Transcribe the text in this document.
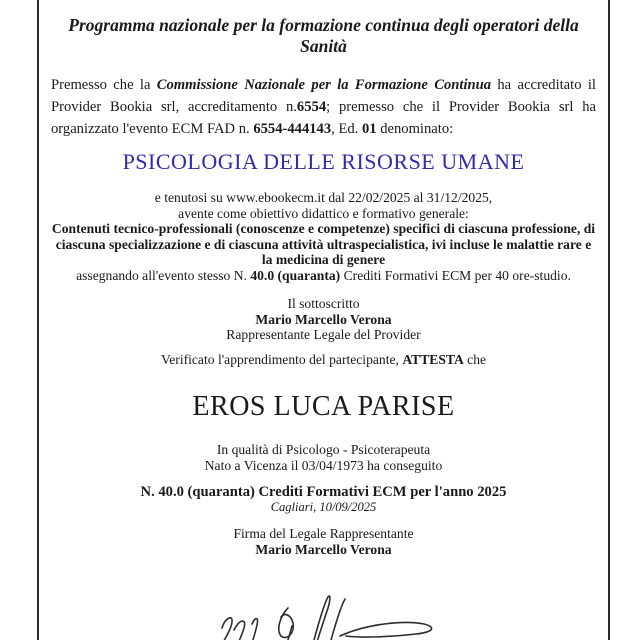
Programma nazionale per la formazione continua degli operatori della Sanità

Premesso che la Commissione Nazionale per la Formazione Continua ha accreditato il Provider Bookia srl, accreditamento n.6554; premesso che il Provider Bookia srl ha organizzato l'evento ECM FAD n. 6554-444143, Ed. 01 denominato:

PSICOLOGIA DELLE RISORSE UMANE
e tenutosi su www.ebookecm.it dal 22/02/2025 al 31/12/2025,
avente come obiettivo didattico e formativo generale:
Contenuti tecnico-professionali (conoscenze e competenze) specifici di ciascuna professione, di ciascuna specializzazione e di ciascuna attività ultraspecialistica, ivi incluse le malattie rare e la medicina di genere
assegnando all'evento stesso N. 40.0 (quaranta) Crediti Formativi ECM per 40 ore-studio.
Il sottoscritto
Mario Marcello Verona
Rappresentante Legale del Provider
Verificato l'apprendimento del partecipante, ATTESTA che
EROS LUCA PARISE
In qualità di Psicologo - Psicoterapeuta
Nato a Vicenza il 03/04/1973 ha conseguito
N. 40.0 (quaranta) Crediti Formativi ECM per l'anno 2025
Cagliari, 10/09/2025
Firma del Legale Rappresentante
Mario Marcello Verona
